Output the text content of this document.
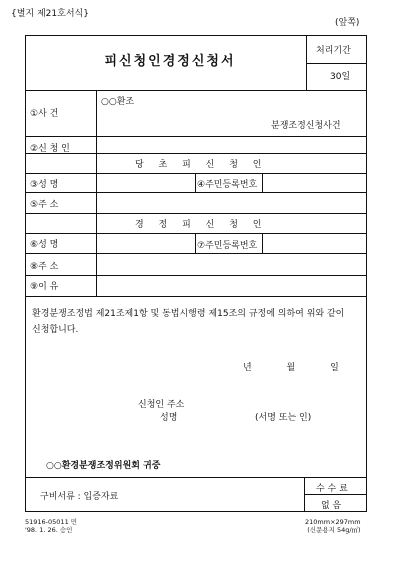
{별지 제21호서식}
(앞쪽)
피신청인경정신청서
처리기간
30일
①사 건
○○환조
분쟁조정신청사건
②신 청 인
당 초 피 신 청 인
③성 명	④주민등록번호
⑤주 소
경 정 피 신 청 인
⑥성 명	⑦주민등록번호
⑧주 소
⑨이 유
환경분쟁조정법 제21조제1항 및 동법시행령 제15조의 규정에 의하여 위와 같이 신청합니다.
년 월 일
신청인 주소
성명	(서명 또는 인)
○○환경분쟁조정위원회 귀중
구비서류 : 입증자료
수 수 료
없 음
51916-05011 민
'98. 1. 26. 승인
210mm×297mm
(신문용지 54g/㎡)
